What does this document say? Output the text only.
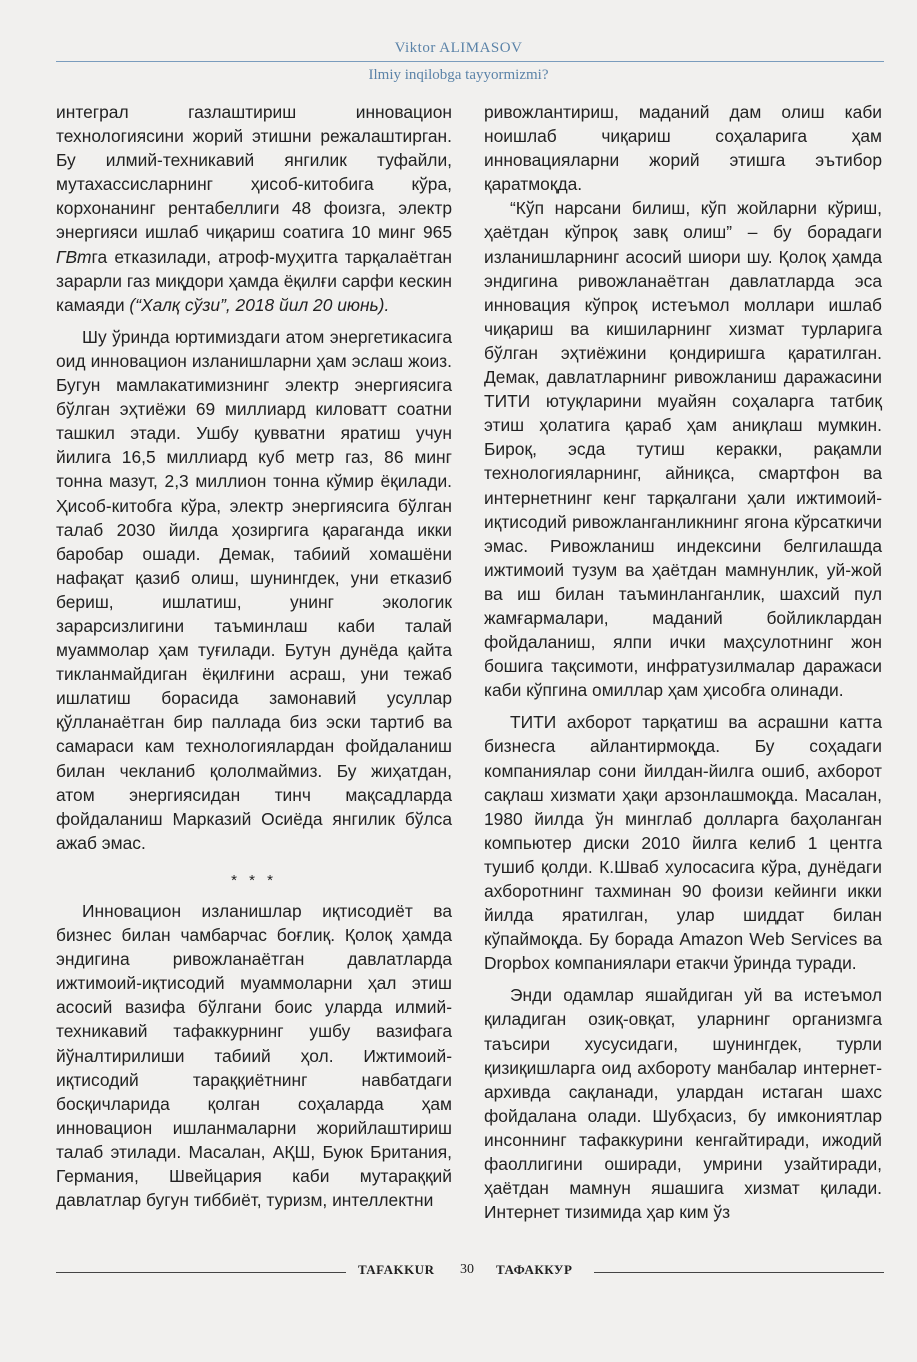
Viktor ALIMASOV
Ilmiy inqilobga tayyormizmi?

интеграл газлаштириш инновацион технологиясини жорий этишни режалаштирган. Бу илмий-техникавий янгилик туфайли, мутахассисларнинг ҳисоб-китобига кўра, корхонанинг рентабеллиги 48 фоизга, электр энергияси ишлаб чиқариш соатига 10 минг 965 ГВтга етказилади, атроф-муҳитга тарқалаётган зарарли газ миқдори ҳамда ёқилғи сарфи кескин камаяди (“Халқ сўзи”, 2018 йил 20 июнь).

Шу ўринда юртимиздаги атом энергетикасига оид инновацион изланишларни ҳам эслаш жоиз. Бугун мамлакатимизнинг электр энергиясига бўлган эҳтиёжи 69 миллиард киловатт соатни ташкил этади. Ушбу қувватни яратиш учун йилига 16,5 миллиард куб метр газ, 86 минг тонна мазут, 2,3 миллион тонна кўмир ёқилади. Ҳисоб-китобга кўра, электр энергиясига бўлган талаб 2030 йилда ҳозиргига қараганда икки баробар ошади. Демак, табиий хомашёни нафақат қазиб олиш, шунингдек, уни етказиб бериш, ишлатиш, унинг экологик зарарсизлигини таъминлаш каби талай муаммолар ҳам туғилади. Бутун дунёда қайта тикланмайдиган ёқилғини асраш, уни тежаб ишлатиш борасида замонавий усуллар қўлланаётган бир паллада биз эски тартиб ва самараси кам технологиялардан фойдаланиш билан чекланиб қололмаймиз. Бу жиҳатдан, атом энергиясидан тинч мақсадларда фойдаланиш Марказий Осиёда янгилик бўлса ажаб эмас.

* * *

Инновацион изланишлар иқтисодиёт ва бизнес билан чамбарчас боғлиқ. Қолоқ ҳамда эндигина ривожланаётган давлатларда ижтимоий-иқтисодий муаммоларни ҳал этиш асосий вазифа бўлгани боис уларда илмий-техникавий тафаккурнинг ушбу вазифага йўналтирилиши табиий ҳол. Ижтимоий-иқтисодий тараққиётнинг навбатдаги босқичларида қолган соҳаларда ҳам инновацион ишланмаларни жорийлаштириш талаб этилади. Масалан, АҚШ, Буюк Британия, Германия, Швейцария каби мутараққий давлатлар бугун тиббиёт, туризм, интеллектни

ривожлантириш, маданий дам олиш каби ноишлаб чиқариш соҳаларига ҳам инновацияларни жорий этишга эътибор қаратмоқда.

“Кўп нарсани билиш, кўп жойларни кўриш, ҳаётдан кўпроқ завқ олиш” – бу борадаги изланишларнинг асосий шиори шу. Қолоқ ҳамда эндигина ривожланаётган давлатларда эса инновация кўпроқ истеъмол моллари ишлаб чиқариш ва кишиларнинг хизмат турларига бўлган эҳтиёжини қондиришга қаратилган. Демак, давлатларнинг ривожланиш даражасини ТИТИ ютуқларини муайян соҳаларга татбиқ этиш ҳолатига қараб ҳам аниқлаш мумкин. Бироқ, эсда тутиш керакки, рақамли технологияларнинг, айниқса, смартфон ва интернетнинг кенг тарқалгани ҳали ижтимоий-иқтисодий ривожланганликнинг ягона кўрсаткичи эмас. Ривожланиш индексини белгилашда ижтимоий тузум ва ҳаётдан мамнунлик, уй-жой ва иш билан таъминланганлик, шахсий пул жамғармалари, маданий бойликлардан фойдаланиш, ялпи ички маҳсулотнинг жон бошига тақсимоти, инфратузилмалар даражаси каби кўпгина омиллар ҳам ҳисобга олинади.

ТИТИ ахборот тарқатиш ва асрашни катта бизнесга айлантирмоқда. Бу соҳадаги компаниялар сони йилдан-йилга ошиб, ахборот сақлаш хизмати ҳақи арзонлашмоқда. Масалан, 1980 йилда ўн минглаб долларга баҳоланган компьютер диски 2010 йилга келиб 1 центга тушиб қолди. К.Шваб хулосасига кўра, дунёдаги ахборотнинг тахминан 90 фоизи кейинги икки йилда яратилган, улар шиддат билан кўпаймоқда. Бу борада Amazon Web Services ва Dropbox компаниялари етакчи ўринда туради.

Энди одамлар яшайдиган уй ва истеъмол қиладиган озиқ-овқат, уларнинг организмга таъсири хусусидаги, шунингдек, турли қизиқишларга оид ахбороту манбалар интернет-архивда сақланади, улардан истаган шахс фойдалана олади. Шубҳасиз, бу имкониятлар инсоннинг тафаккурини кенгайтиради, ижодий фаоллигини оширади, умрини узайтиради, ҳаётдан мамнун яшашига хизмат қилади. Интернет тизимида ҳар ким ўз

TAFAKKUR 30 ТАФАККУР
